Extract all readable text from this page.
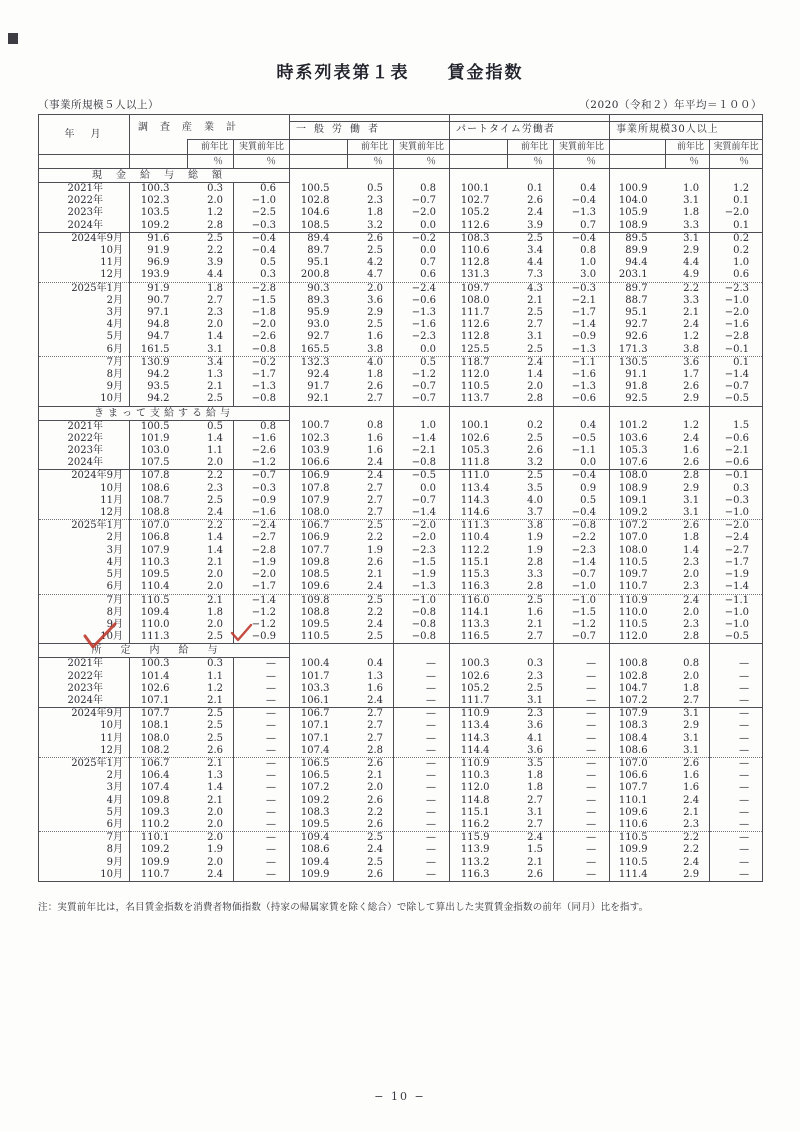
時系列表第１表　　賃金指数
（事業所規模５人以上）	（2020（令和２）年平均＝１００）
年　月	調査産業計			一般労働者			パートタイム労働者			事業所規模30人以上		

		前年比	実質前年比		前年比	実質前年比		前年比	実質前年比		前年比	実質前年比
		％	％		％	％		％	％		％	％
現金給与総額												
2021年	100.3	0.3	0.6	100.5	0.5	0.8	100.1	0.1	0.4	100.9	1.0	1.2
2022年	102.3	2.0	−1.0	102.8	2.3	−0.7	102.7	2.6	−0.4	104.0	3.1	0.1
2023年	103.5	1.2	−2.5	104.6	1.8	−2.0	105.2	2.4	−1.3	105.9	1.8	−2.0
2024年	109.2	2.8	−0.3	108.5	3.2	0.0	112.6	3.9	0.7	108.9	3.3	0.1
2024年9月	91.6	2.5	−0.4	89.4	2.6	−0.2	108.3	2.5	−0.4	89.5	3.1	0.2
10月	91.9	2.2	−0.4	89.7	2.5	0.0	110.6	3.4	0.8	89.9	2.9	0.2
11月	96.9	3.9	0.5	95.1	4.2	0.7	112.8	4.4	1.0	94.4	4.4	1.0
12月	193.9	4.4	0.3	200.8	4.7	0.6	131.3	7.3	3.0	203.1	4.9	0.6
2025年1月	91.9	1.8	−2.8	90.3	2.0	−2.4	109.7	4.3	−0.3	89.7	2.2	−2.3
2月	90.7	2.7	−1.5	89.3	3.6	−0.6	108.0	2.1	−2.1	88.7	3.3	−1.0
3月	97.1	2.3	−1.8	95.9	2.9	−1.3	111.7	2.5	−1.7	95.1	2.1	−2.0
4月	94.8	2.0	−2.0	93.0	2.5	−1.6	112.6	2.7	−1.4	92.7	2.4	−1.6
5月	94.7	1.4	−2.6	92.7	1.6	−2.3	112.8	3.1	−0.9	92.6	1.2	−2.8
6月	161.5	3.1	−0.8	165.5	3.8	0.0	125.5	2.5	−1.3	171.3	3.8	−0.1
7月	130.9	3.4	−0.2	132.3	4.0	0.5	118.7	2.4	−1.1	130.5	3.6	0.1
8月	94.2	1.3	−1.7	92.4	1.8	−1.2	112.0	1.4	−1.6	91.1	1.7	−1.4
9月	93.5	2.1	−1.3	91.7	2.6	−0.7	110.5	2.0	−1.3	91.8	2.6	−0.7
10月	94.2	2.5	−0.8	92.1	2.7	−0.7	113.7	2.8	−0.6	92.5	2.9	−0.5
きまって支給する給与												
2021年	100.5	0.5	0.8	100.7	0.8	1.0	100.1	0.2	0.4	101.2	1.2	1.5
2022年	101.9	1.4	−1.6	102.3	1.6	−1.4	102.6	2.5	−0.5	103.6	2.4	−0.6
2023年	103.0	1.1	−2.6	103.9	1.6	−2.1	105.3	2.6	−1.1	105.3	1.6	−2.1
2024年	107.5	2.0	−1.2	106.6	2.4	−0.8	111.8	3.2	0.0	107.6	2.6	−0.6
2024年9月	107.8	2.2	−0.7	106.9	2.4	−0.5	111.0	2.5	−0.4	108.0	2.8	−0.1
10月	108.6	2.3	−0.3	107.8	2.7	0.0	113.4	3.5	0.9	108.9	2.9	0.3
11月	108.7	2.5	−0.9	107.9	2.7	−0.7	114.3	4.0	0.5	109.1	3.1	−0.3
12月	108.8	2.4	−1.6	108.0	2.7	−1.4	114.6	3.7	−0.4	109.2	3.1	−1.0
2025年1月	107.0	2.2	−2.4	106.7	2.5	−2.0	111.3	3.8	−0.8	107.2	2.6	−2.0
2月	106.8	1.4	−2.7	106.9	2.2	−2.0	110.4	1.9	−2.2	107.0	1.8	−2.4
3月	107.9	1.4	−2.8	107.7	1.9	−2.3	112.2	1.9	−2.3	108.0	1.4	−2.7
4月	110.3	2.1	−1.9	109.8	2.6	−1.5	115.1	2.8	−1.4	110.5	2.3	−1.7
5月	109.5	2.0	−2.0	108.5	2.1	−1.9	115.3	3.3	−0.7	109.7	2.0	−1.9
6月	110.4	2.0	−1.7	109.6	2.4	−1.3	116.3	2.8	−1.0	110.7	2.3	−1.4
7月	110.5	2.1	−1.4	109.8	2.5	−1.0	116.0	2.5	−1.0	110.9	2.4	−1.1
8月	109.4	1.8	−1.2	108.8	2.2	−0.8	114.1	1.6	−1.5	110.0	2.0	−1.0
9月	110.0	2.0	−1.2	109.5	2.4	−0.8	113.3	2.1	−1.2	110.5	2.3	−1.0
10月	111.3	2.5	−0.9	110.5	2.5	−0.8	116.5	2.7	−0.7	112.0	2.8	−0.5
所定内給与												
2021年	100.3	0.3	—	100.4	0.4	—	100.3	0.3	—	100.8	0.8	—
2022年	101.4	1.1	—	101.7	1.3	—	102.6	2.3	—	102.8	2.0	—
2023年	102.6	1.2	—	103.3	1.6	—	105.2	2.5	—	104.7	1.8	—
2024年	107.1	2.1	—	106.1	2.4	—	111.7	3.1	—	107.2	2.7	—
2024年9月	107.7	2.5	—	106.7	2.7	—	110.9	2.3	—	107.9	3.1	—
10月	108.1	2.5	—	107.1	2.7	—	113.4	3.6	—	108.3	2.9	—
11月	108.0	2.5	—	107.1	2.7	—	114.3	4.1	—	108.4	3.1	—
12月	108.2	2.6	—	107.4	2.8	—	114.4	3.6	—	108.6	3.1	—
2025年1月	106.7	2.1	—	106.5	2.6	—	110.9	3.5	—	107.0	2.6	—
2月	106.4	1.3	—	106.5	2.1	—	110.3	1.8	—	106.6	1.6	—
3月	107.4	1.4	—	107.2	2.0	—	112.0	1.8	—	107.7	1.6	—
4月	109.8	2.1	—	109.2	2.6	—	114.8	2.7	—	110.1	2.4	—
5月	109.3	2.0	—	108.3	2.2	—	115.1	3.1	—	109.6	2.1	—
6月	110.2	2.0	—	109.5	2.6	—	116.2	2.7	—	110.6	2.3	—
7月	110.1	2.0	—	109.4	2.5	—	115.9	2.4	—	110.5	2.2	—
8月	109.2	1.9	—	108.6	2.4	—	113.9	1.5	—	109.9	2.2	—
9月	109.9	2.0	—	109.4	2.5	—	113.2	2.1	—	110.5	2.4	—
10月	110.7	2.4	—	109.9	2.6	—	116.3	2.6	—	111.4	2.9	—
注：実質前年比は，名目賃金指数を消費者物価指数（持家の帰属家賃を除く総合）で除して算出した実質賃金指数の前年（同月）比を指す。
− 10 −
